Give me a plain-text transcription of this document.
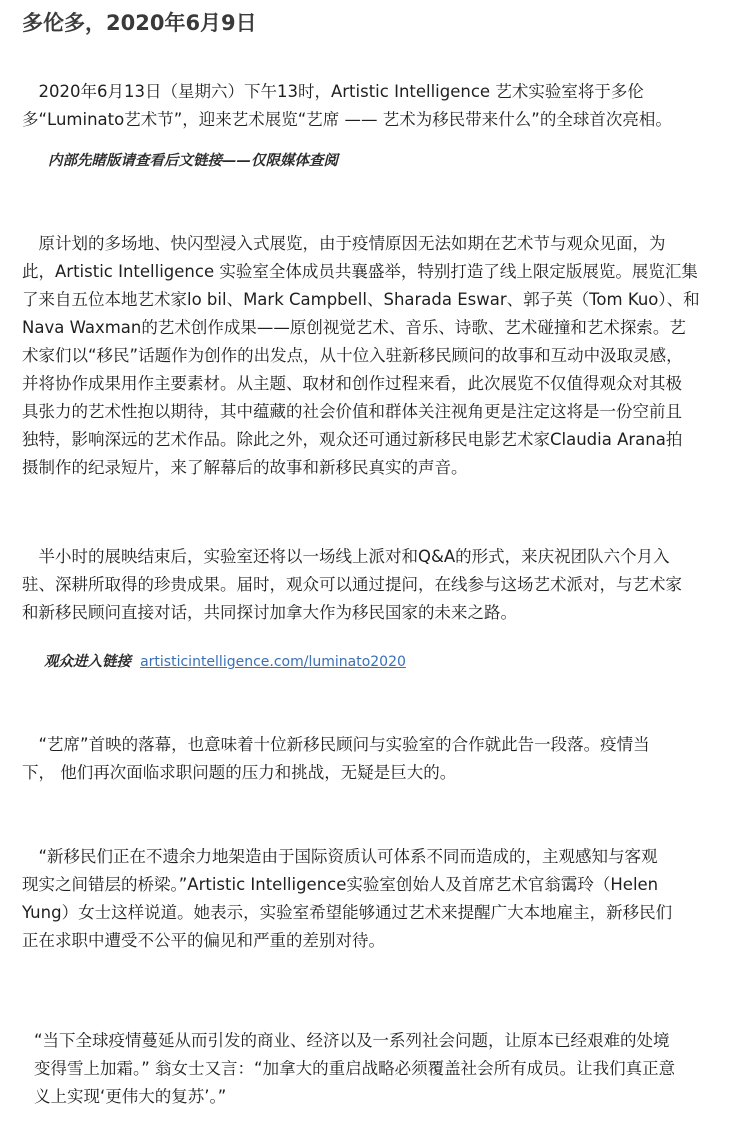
多伦多，2020年6月9日
　2020年6月13日（星期六）下午13时，Artistic Intelligence 艺术实验室将于多伦
多“Luminato艺术节”，迎来艺术展览“艺席 —— 艺术为移民带来什么”的全球首次亮相。
内部先睹版请查看后文链接——仅限媒体查阅
　原计划的多场地、快闪型浸入式展览，由于疫情原因无法如期在艺术节与观众见面，为
此，Artistic Intelligence 实验室全体成员共襄盛举，特别打造了线上限定版展览。展览汇集
了来自五位本地艺术家lo bil、Mark Campbell、Sharada Eswar、郭子英（Tom Kuo）、和
Nava Waxman的艺术创作成果——原创视觉艺术、音乐、诗歌、艺术碰撞和艺术探索。艺
术家们以“移民”话题作为创作的出发点，从十位入驻新移民顾问的故事和互动中汲取灵感，
并将协作成果用作主要素材。从主题、取材和创作过程来看，此次展览不仅值得观众对其极
具张力的艺术性抱以期待，其中蕴藏的社会价值和群体关注视角更是注定这将是一份空前且
独特，影响深远的艺术作品。除此之外，观众还可通过新移民电影艺术家Claudia Arana拍
摄制作的纪录短片，来了解幕后的故事和新移民真实的声音。
　半小时的展映结束后，实验室还将以一场线上派对和Q&A的形式，来庆祝团队六个月入
驻、深耕所取得的珍贵成果。届时，观众可以通过提问，在线参与这场艺术派对，与艺术家
和新移民顾问直接对话，共同探讨加拿大作为移民国家的未来之路。
观众进入链接 artisticintelligence.com/luminato2020
　“艺席”首映的落幕，也意味着十位新移民顾问与实验室的合作就此告一段落。疫情当
下， 他们再次面临求职问题的压力和挑战，无疑是巨大的。
　“新移民们正在不遗余力地架造由于国际资质认可体系不同而造成的，主观感知与客观
现实之间错层的桥梁。”Artistic Intelligence实验室创始人及首席艺术官翁霭玲（Helen
Yung）女士这样说道。她表示，实验室希望能够通过艺术来提醒广大本地雇主，新移民们
正在求职中遭受不公平的偏见和严重的差别对待。
“当下全球疫情蔓延从而引发的商业、经济以及一系列社会问题，让原本已经艰难的处境
变得雪上加霜。” 翁女士又言：“加拿大的重启战略必须覆盖社会所有成员。让我们真正意
义上实现‘更伟大的复苏’。”
